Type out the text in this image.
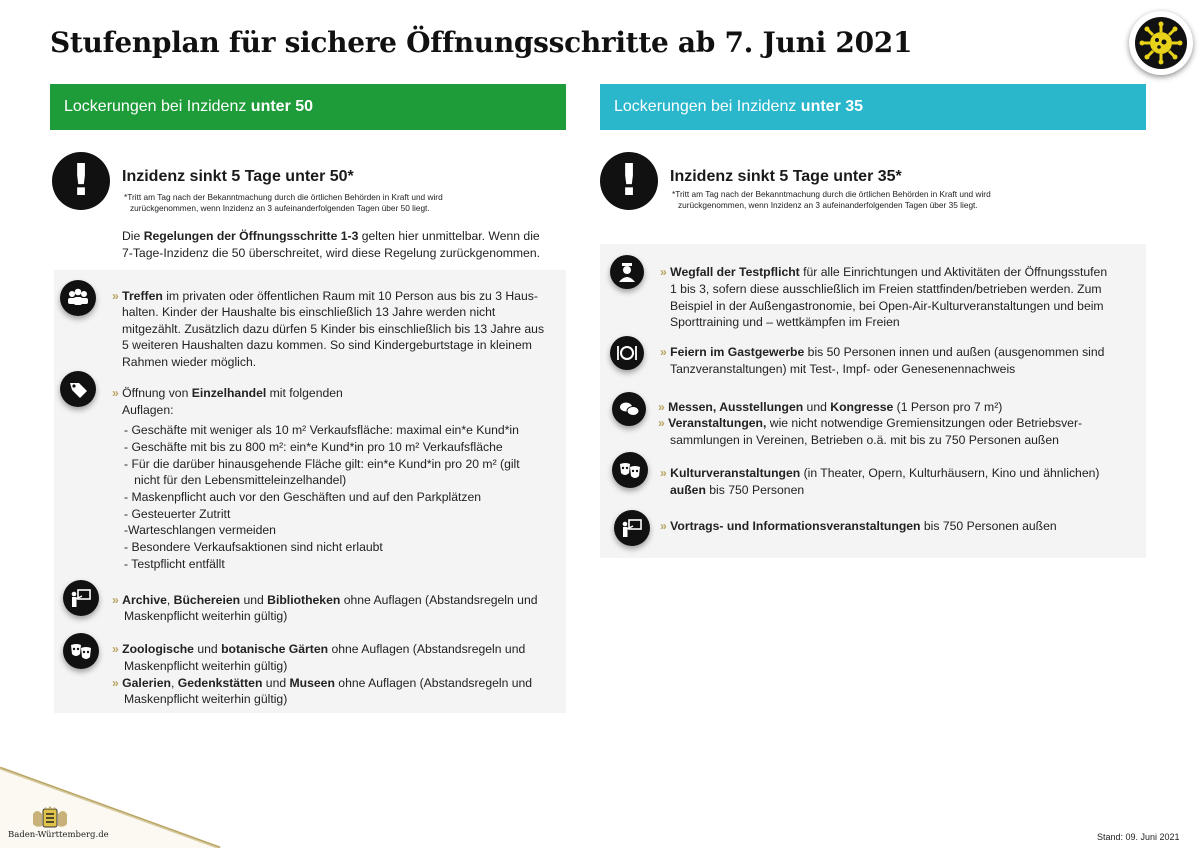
Stufenplan für sichere Öffnungsschritte ab 7. Juni 2021
Lockerungen bei Inzidenz unter 50
!	Inzidenz sinkt 5 Tage unter 50*
*Tritt am Tag nach der Bekanntmachung durch die örtlichen Behörden in Kraft und wird
zurückgenommen, wenn Inzidenz an 3 aufeinanderfolgenden Tagen über 50 liegt.
Die Regelungen der Öffnungsschritte 1-3 gelten hier unmittelbar. Wenn die
7-Tage-Inzidenz die 50 überschreitet, wird diese Regelung zurückgenommen.
» Treffen im privaten oder öffentlichen Raum mit 10 Person aus bis zu 3 Haus-
halten. Kinder der Haushalte bis einschließlich 13 Jahre werden nicht
mitgezählt. Zusätzlich dazu dürfen 5 Kinder bis einschließlich bis 13 Jahre aus
5 weiteren Haushalten dazu kommen. So sind Kindergeburtstage in kleinem
Rahmen wieder möglich.
» Öffnung von Einzelhandel mit folgenden
Auflagen:
- Geschäfte mit weniger als 10 m² Verkaufsfläche: maximal ein*e Kund*in
- Geschäfte mit bis zu 800 m²: ein*e Kund*in pro 10 m² Verkaufsfläche
- Für die darüber hinausgehende Fläche gilt: ein*e Kund*in pro 20 m² (gilt
nicht für den Lebensmitteleinzelhandel)
- Maskenpflicht auch vor den Geschäften und auf den Parkplätzen
- Gesteuerter Zutritt
-Warteschlangen vermeiden
- Besondere Verkaufsaktionen sind nicht erlaubt
- Testpflicht entfällt
» Archive, Büchereien und Bibliotheken ohne Auflagen (Abstandsregeln und
Maskenpflicht weiterhin gültig)
» Zoologische und botanische Gärten ohne Auflagen (Abstandsregeln und
Maskenpflicht weiterhin gültig)
» Galerien, Gedenkstätten und Museen ohne Auflagen (Abstandsregeln und
Maskenpflicht weiterhin gültig)
Lockerungen bei Inzidenz unter 35
!	Inzidenz sinkt 5 Tage unter 35*
*Tritt am Tag nach der Bekanntmachung durch die örtlichen Behörden in Kraft und wird
zurückgenommen, wenn Inzidenz an 3 aufeinanderfolgenden Tagen über 35 liegt.
» Wegfall der Testpflicht für alle Einrichtungen und Aktivitäten der Öffnungsstufen
1 bis 3, sofern diese ausschließlich im Freien stattfinden/betrieben werden. Zum
Beispiel in der Außengastronomie, bei Open-Air-Kulturveranstaltungen und beim
Sporttraining und – wettkämpfen im Freien
» Feiern im Gastgewerbe bis 50 Personen innen und außen (ausgenommen sind
Tanzveranstaltungen) mit Test-, Impf- oder Genesenennachweis
» Messen, Ausstellungen und Kongresse (1 Person pro 7 m²)
» Veranstaltungen, wie nicht notwendige Gremiensitzungen oder Betriebsver-
sammlungen in Vereinen, Betrieben o.ä. mit bis zu 750 Personen außen
» Kulturveranstaltungen (in Theater, Opern, Kulturhäusern, Kino und ähnlichen)
außen bis 750 Personen
» Vortrags- und Informationsveranstaltungen bis 750 Personen außen
Baden-Württemberg.de	Stand: 09. Juni 2021
